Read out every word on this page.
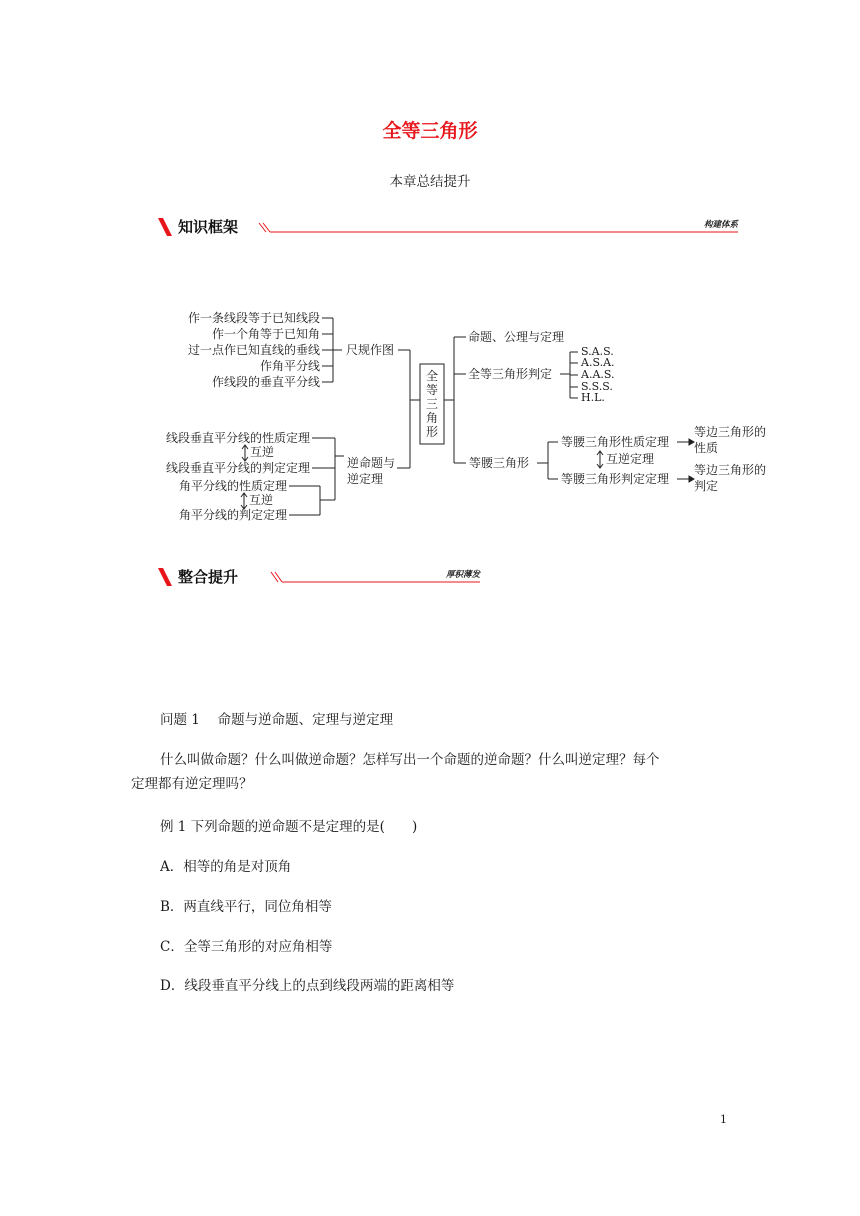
全等三角形
本章总结提升
知识框架	构建体系
整合提升	厚积薄发
作一条线段等于已知线段
作一个角等于已知角
过一点作已知直线的垂线
作角平分线
作线段的垂直平分线
尺规作图
线段垂直平分线的性质定理
互逆
线段垂直平分线的判定定理
角平分线的性质定理
互逆
角平分线的判定定理
逆命题与
逆定理
全
等
三
角
形
命题、公理与定理
全等三角形判定
S.A.S.
A.S.A.
A.A.S.
S.S.S.
H.L.
等腰三角形
等腰三角形性质定理
互逆定理
等腰三角形判定定理
等边三角形的
性质
等边三角形的
判定
问题 1　 命题与逆命题、定理与逆定理
什么叫做命题？什么叫做逆命题？怎样写出一个命题的逆命题？什么叫逆定理？每个
定理都有逆定理吗？
例 1 下列命题的逆命题不是定理的是(　　)
A．相等的角是对顶角
B．两直线平行，同位角相等
C．全等三角形的对应角相等
D．线段垂直平分线上的点到线段两端的距离相等
1
